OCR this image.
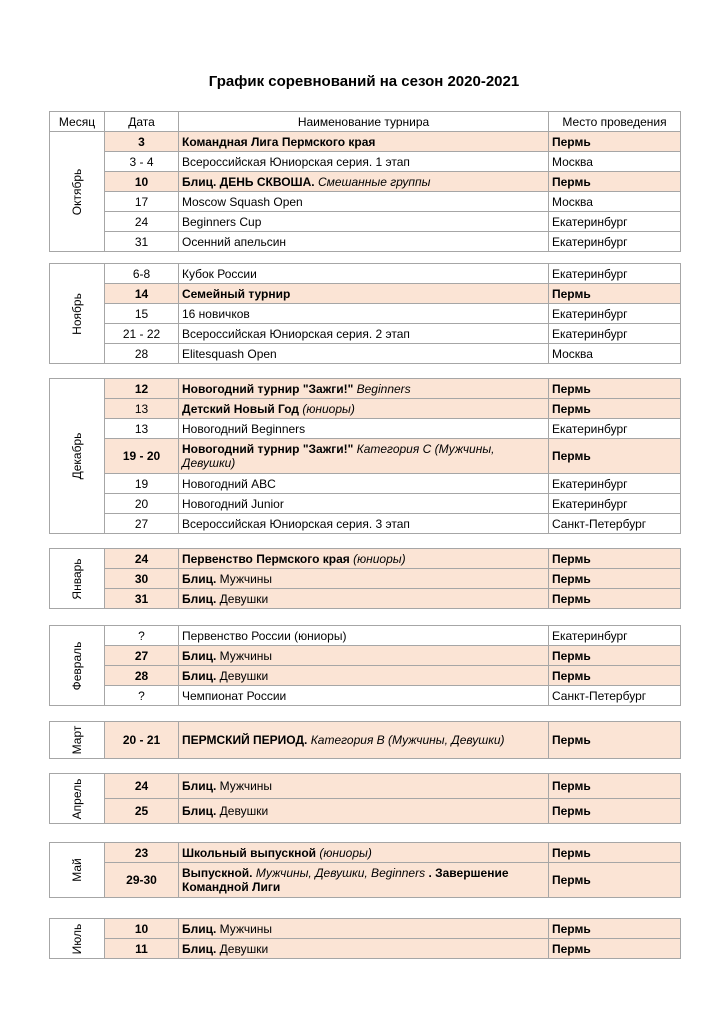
График соревнований на сезон 2020-2021
Месяц	Дата	Наименование турнира	Место проведения

Октябрь	3	Командная Лига Пермского края	Пермь
	3 - 4	Всероссийская Юниорская серия. 1 этап	Москва
	10	Блиц. ДЕНЬ СКВОША. Смешанные группы	Пермь
	17	Moscow Squash Open	Москва
	24	Beginners Cup	Екатеринбург
	31	Осенний апельсин	Екатеринбург
Ноябрь	6-8	Кубок России	Екатеринбург
	14	Семейный турнир	Пермь
	15	16 новичков	Екатеринбург
	21 - 22	Всероссийская Юниорская серия. 2 этап	Екатеринбург
	28	Elitesquash Open	Москва
Декабрь	12	Новогодний турнир "Зажги!" Beginners	Пермь
	13	Детский Новый Год (юниоры)	Пермь
	13	Новогодний Beginners	Екатеринбург
	19 - 20	Новогодний турнир "Зажги!" Категория С (Мужчины, Девушки)	Пермь
	19	Новогодний ABC	Екатеринбург
	20	Новогодний Junior	Екатеринбург
	27	Всероссийская Юниорская серия. 3 этап	Санкт-Петербург
Январь	24	Первенство Пермского края (юниоры)	Пермь
	30	Блиц. Мужчины	Пермь
	31	Блиц. Девушки	Пермь
Февраль	?	Первенство России (юниоры)	Екатеринбург
	27	Блиц. Мужчины	Пермь
	28	Блиц. Девушки	Пермь
	?	Чемпионат России	Санкт-Петербург
Март	20 - 21	ПЕРМСКИЙ ПЕРИОД. Категория В (Мужчины, Девушки)	Пермь
Апрель	24	Блиц. Мужчины	Пермь
	25	Блиц. Девушки	Пермь
Май	23	Школьный выпускной (юниоры)	Пермь
	29-30	Выпускной. Мужчины, Девушки, Beginners . Завершение Командной Лиги	Пермь
Июль	10	Блиц. Мужчины	Пермь
	11	Блиц. Девушки	Пермь
